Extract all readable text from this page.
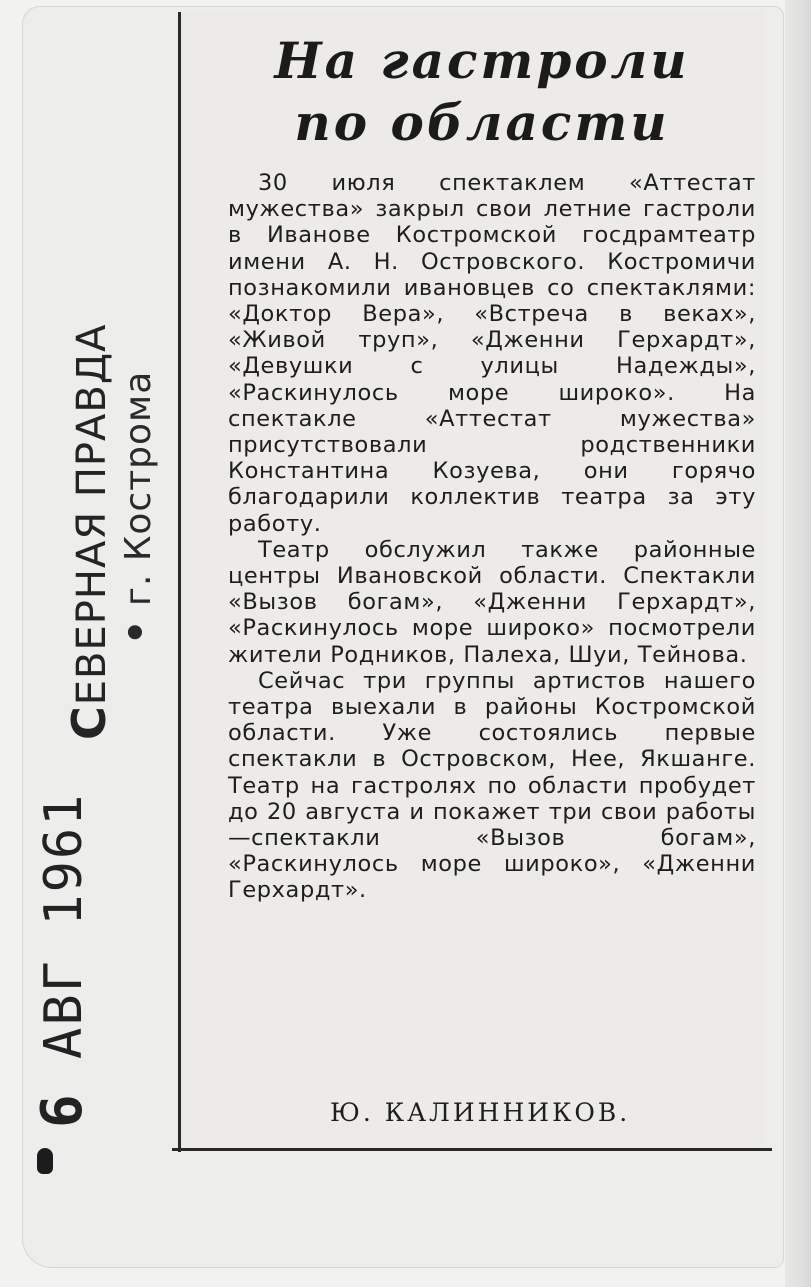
На гастроли
по области

30 июля спектаклем «Аттестат мужества» закрыл свои летние гастроли в Иванове Костромской госдрамтеатр имени А. Н. Островского. Костромичи познакомили ивановцев со спектаклями: «Доктор Вера», «Встреча в веках», «Живой труп», «Дженни Герхардт», «Девушки с улицы Надежды», «Раскинулось море широко». На спектакле «Аттестат мужества» присутствовали родственники Константина Козуева, они горячо благодарили коллектив театра за эту работу.

Театр обслужил также районные центры Ивановской области. Спектакли «Вызов богам», «Дженни Герхардт», «Раскинулось море широко» посмотрели жители Родников, Палеха, Шуи, Тейнова.

Сейчас три группы артистов нашего театра выехали в районы Костромской области. Уже состоялись первые спектакли в Островском, Нее, Якшанге. Театр на гастролях по области пробудет до 20 августа и покажет три свои работы—спектакли «Вызов богам», «Раскинулось море широко», «Дженни Герхардт».

Ю. КАЛИННИКОВ.
СЕВЕРНАЯ ПРАВДА • г. Кострома
6 АВГ 1961
